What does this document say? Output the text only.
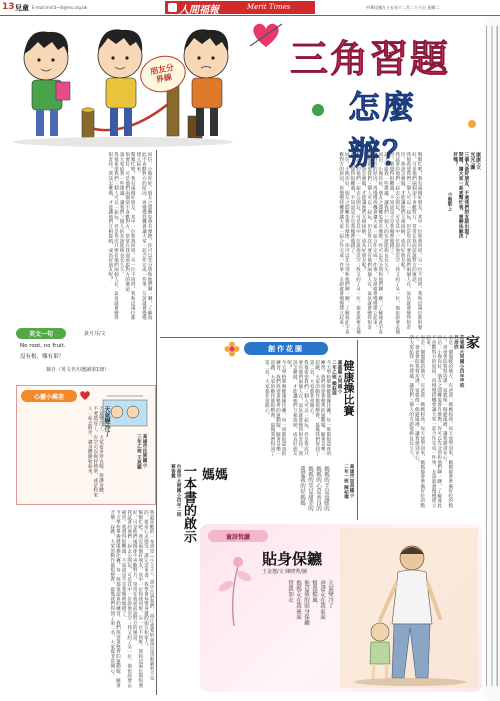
13 兒童 E-mail:mnt3~ill@ms.org.tw	人間福報	Merit Times	中華民國九十五年十二月二十六日 星期二
朋友分界線	三角習題
怎麼辦？	康康/文
光光/圖
三個人是好朋友，不過我們的友誼出現了問題，請大家一起來幫忙我，想辦法解決好嗎？
小熊敬上
幫幫忙吧！我有兩個好朋友，其中一位和我同班，另一位不同班。我和這兩位都很要好，可是他們兩個卻不喜歡對方，常常在我面前說對方的壞話。
我很希望我們三個人可以一起玩，但是每次只要有他們兩個人在，氣氛就會變得很奇怪。我該怎麼做，才能讓他們互相接納，成為好朋友呢？
我試著約他們一起去公園玩，可是其中一位說他沒空；我又約了另一位，他也說要去補習。我覺得很難過，不知道是不是我哪裡做錯了。
請大家給我一些建議，讓我們三個人的友誼能夠長長久久。
回信：小熊你好，朋友之間難免會有摩擦，你可以先分別和他們聊一聊，了解彼此不喜歡對方的原因，再慢慢找機會讓大家一起合作完成一件事，友誼就會慢慢建立起來。
我很希望我們三個人可以一起玩，但是每次只要有他們兩個人在，氣氛就會變得很奇怪。我該怎麼做，才能讓他們互相接納，成為好朋友呢？
我試著約他們一起去公園玩，可是其中一位說他沒空；我又約了另一位，他也說要去補習。我覺得很難過，不知道是不是我哪裡做錯了。
回信：小熊你好，朋友之間難免會有摩擦，你可以先分別和他們聊一聊，了解彼此不喜歡對方的原因，再慢慢找機會讓大家一起合作完成一件事，友誼就會慢慢建立起來。
回信：小熊你好，朋友之間難免會有摩擦，你可以先分別和他們聊一聊，了解彼此不喜歡對方的原因，再慢慢找機會讓大家一起合作完成一件事，友誼就會慢慢建立起來。
幫幫忙吧！我有兩個好朋友，其中一位和我同班，另一位不同班。我和這兩位都很要好，可是他們兩個卻不喜歡對方，常常在我面前說對方的壞話。
請大家給我一些建議，讓我們三個人的友誼能夠長長久久。
我很希望我們三個人可以一起玩，但是每次只要有他們兩個人在，氣氛就會變得很奇怪。我該怎麼做，才能讓他們互相接納，成為好朋友呢？
英文一句	黃月芬/文
No root, no fruit.
沒有根，哪有果？
摘自（英文名句選讀第1冊）
心靈小郵差
高雄市民族國小
三年乙班 王思穎
天氣變冷了
天氣變冷了，大家要多穿衣服，保護身體，不要感冒了。有空可以喝杯熱茶，或是和家人一起去散步，讓身體暖和起來。
我最喜歡的一本書是《小王子》，書中告訴我們，真正重要的東西是用眼睛看不見的，要用心去感受。讀完這本書，我學會珍惜身邊的朋友和家人。
幫幫忙吧！我有兩個好朋友，其中一位和我同班，另一位不同班。我和這兩位都很要好，可是他們兩個卻不喜歡對方，常常在我面前說對方的壞話。
我試著約他們一起去公園玩，可是其中一位說他沒空；我又約了另一位，他也說要去補習。我覺得很難過，不知道是不是我哪裡做錯了。
今天學校舉辦健康操比賽，每一班都很認真的練習。我們班穿著整齊的運動服，隨著音樂一起跳，大家的動作都很整齊，最後我們得到了第二名，大家都非常開心。
創作花園	家
苗栗縣大同國小四年甲班
呂沛欣
家是一個溫暖的地方，有爸爸、媽媽和我。每天放學回家，媽媽都會準備好吃的點心，爸爸會陪我寫功課。家就像一個避風港，讓我感到安心。
回信：小熊你好，朋友之間難免會有摩擦，你可以先分別和他們聊一聊，了解彼此不喜歡對方的原因，再慢慢找機會讓大家一起合作完成一件事，友誼就會慢慢建立起來。
家是一個溫暖的地方，有爸爸、媽媽和我。每天放學回家，媽媽都會準備好吃的點心，爸爸會陪我寫功課。家就像一個避風港，讓我感到安心。
請大家給我一些建議，讓我們三個人的友誼能夠長長久久。
健康操比賽
嘉義縣大同國小
二年乙班 賴鈺庭
今天學校舉辦健康操比賽，每一班都很認真的練習。我們班穿著整齊的運動服，隨著音樂一起跳，大家的動作都很整齊，最後我們得到了第二名，大家都非常開心。
我很希望我們三個人可以一起玩，但是每次只要有他們兩個人在，氣氛就會變得很奇怪。我該怎麼做，才能讓他們互相接納，成為好朋友呢？
今天學校舉辦健康操比賽，每一班都很認真的練習。我們班穿著整齊的運動服，隨著音樂一起跳，大家的動作都很整齊，最後我們得到了第二名，大家都非常開心。
媽媽	高雄市加昌國小
二年一班 陳柏瑋
媽媽的手是溫暖的
媽媽的心是善良的
媽媽的笑是甜美的
我愛我的好媽媽
一本書的啟示
台南市大港國小四年二班
蔡香霖
童詩悅讀
貼身保鑣
王金選/文 陳晓秀/圖
天氣變冷了
爸爸走在我前面
幫我擋風
他是我的貼身保鑣
媽媽走在我後面
替我加衣
